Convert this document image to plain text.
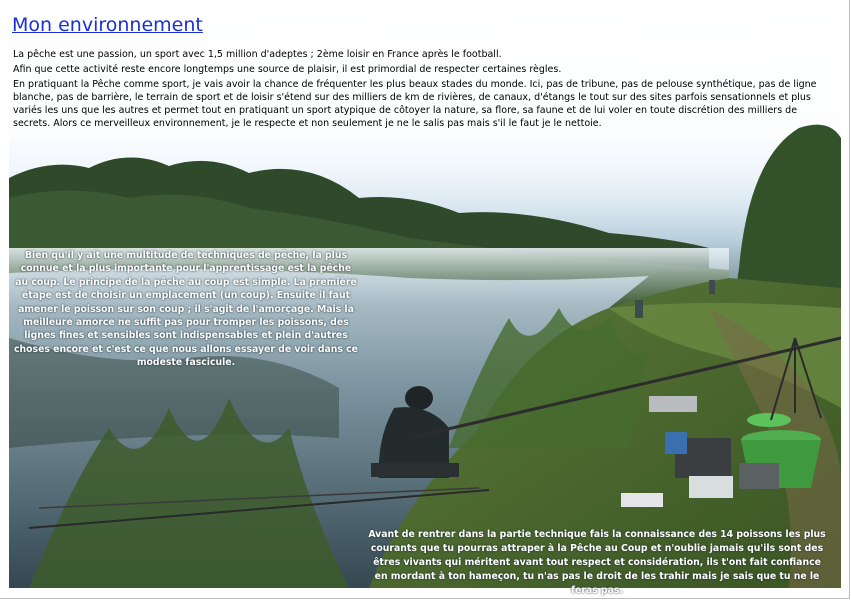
Mon environnement

La pêche est une passion, un sport avec 1,5 million d'adeptes ; 2ème loisir en France après le football.

Afin que cette activité reste encore longtemps une source de plaisir, il est primordial de respecter certaines règles.

En pratiquant la Pêche comme sport, je vais avoir la chance de fréquenter les plus beaux stades du monde. Ici, pas de tribune, pas de pelouse synthétique, pas de ligne blanche, pas de barrière, le terrain de sport et de loisir s'étend sur des milliers de km de rivières, de canaux, d'étangs le tout sur des sites parfois sensationnels et plus variés les uns que les autres et permet tout en pratiquant un sport atypique de côtoyer la nature, sa flore, sa faune et de lui voler en toute discrétion des milliers de secrets. Alors ce merveilleux environnement, je le respecte et non seulement je ne le salis pas mais s'il le faut je le nettoie.

Bien qu'il y ait une multitude de techniques de pêche, la plus connue et la plus importante pour l'apprentissage est la pêche au coup. Le principe de la pêche au coup est simple. La première étape est de choisir un emplacement (un coup). Ensuite il faut amener le poisson sur son coup ; il s'agit de l'amorçage. Mais la meilleure amorce ne suffit pas pour tromper les poissons, des lignes fines et sensibles sont indispensables et plein d'autres choses encore et c'est ce que nous allons essayer de voir dans ce modeste fascicule.
Avant de rentrer dans la partie technique fais la connaissance des 14 poissons les plus courants que tu pourras attraper à la Pêche au Coup et n'oublie jamais qu'ils sont des êtres vivants qui méritent avant tout respect et considération, ils t'ont fait confiance en mordant à ton hameçon, tu n'as pas le droit de les trahir mais je sais que tu ne le feras pas.
